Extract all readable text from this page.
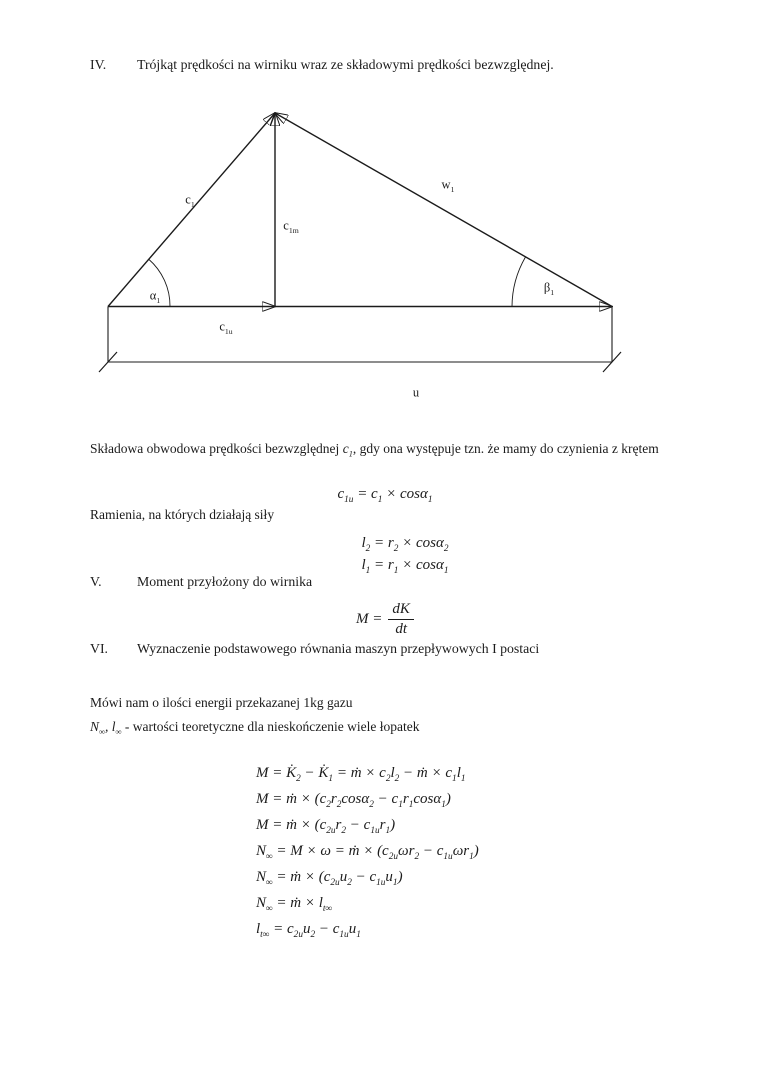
IV. Trójkąt prędkości na wirniku wraz ze składowymi prędkości bezwzględnej.
$c_1$
$c_{1m}$
$w_1$
$\alpha_1$
$\beta_1$
$c_{1u}$
u
Składowa obwodowa prędkości bezwzględnej $c_1$, gdy ona występuje tzn. że mamy do czynienia z krętem
$c_{1u} = c_1 \times \cos\alpha_1$
Ramienia, na których działają siły
$l_2 = r_2 \times \cos\alpha_2$
$l_1 = r_1 \times \cos\alpha_1$
V.	Moment przyłożony do wirnika
$M = \frac{dK}{dt}$
VI. Wyznaczenie podstawowego równania maszyn przepływowych I postaci
Mówi nam o ilości energii przekazanej 1kg gazu
$N_\infty$, $l_\infty$ - wartości teoretyczne dla nieskończenie wiele łopatek
$M = K̇_2$ − $K̇_1$ = ṁ × $c_2l_2$ − ṁ × $c_1l_1$
M = ṁ × $(c_2r_2\cos\alpha_2 - c_1r_1\cos\alpha_1)$
M = ṁ × $(c_{2u}r_2 - c_{1u}r_1)$
$N_\infty = M \times \omega$ = ṁ × $(c_{2u}\omega r_2 - c_{1u}\omega r_1)$
$N_\infty$ = ṁ × $(c_{2u}u_2 - c_{1u}u_1)$
$N_\infty$ = ṁ × $l_{t\infty}$
$l_{t\infty} = c_{2u}u_2 - c_{1u}u_1$
